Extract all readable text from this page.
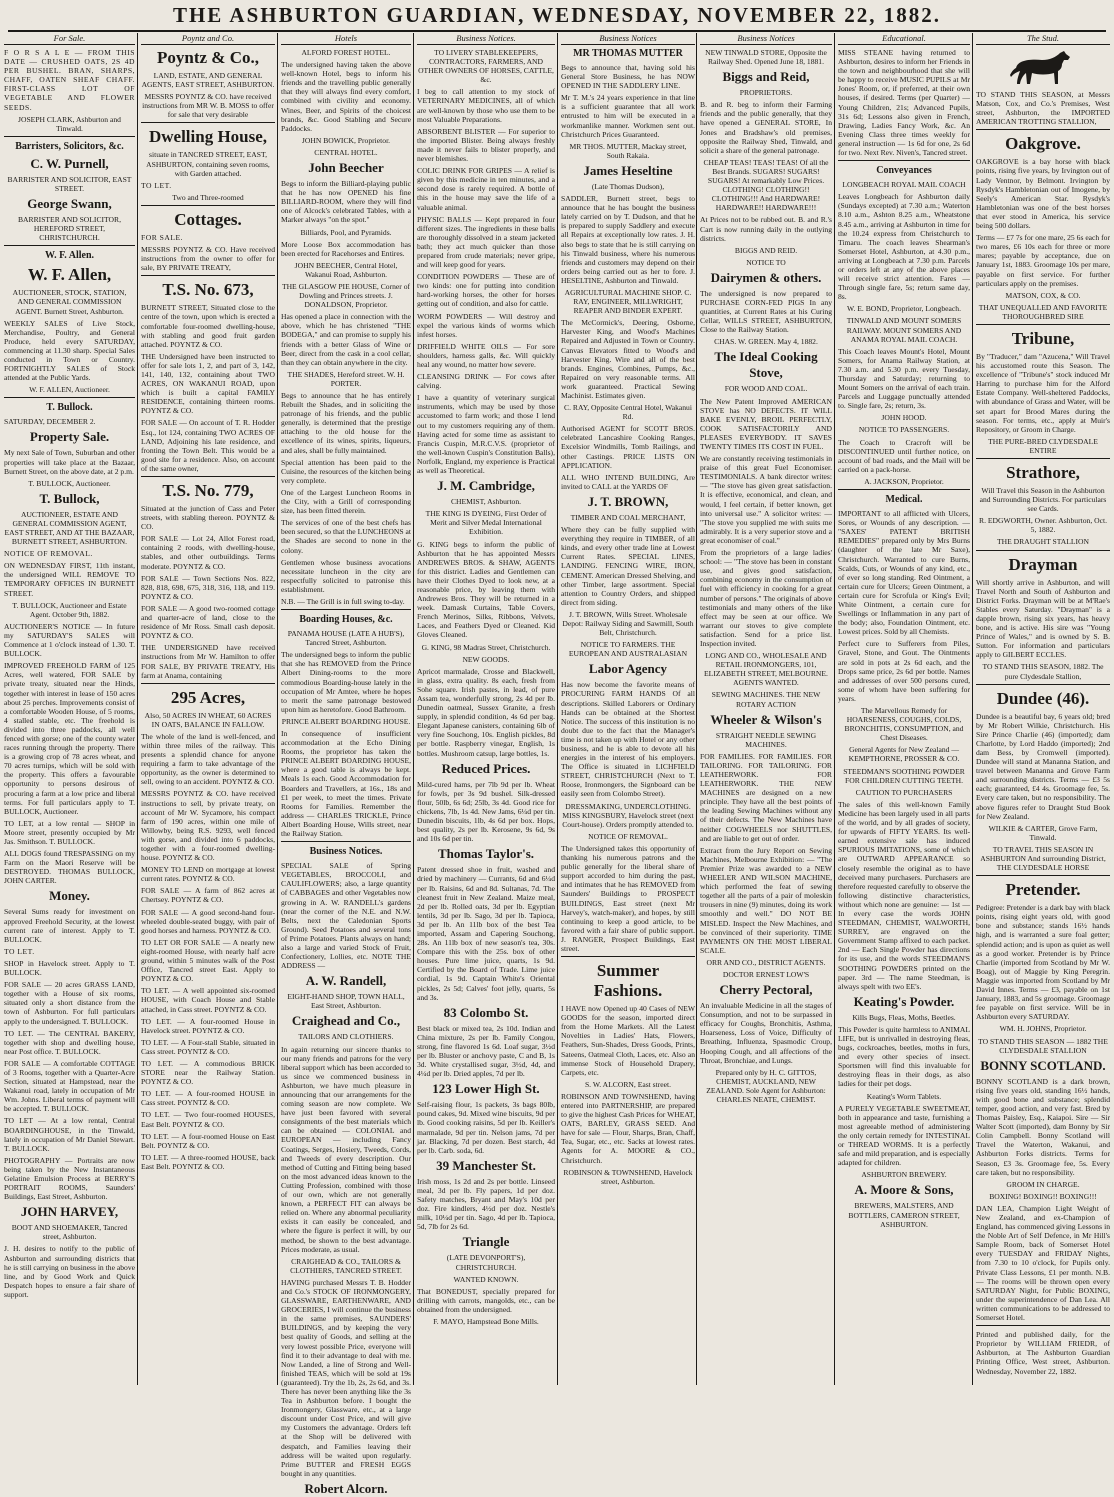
THE ASHBURTON GUARDIAN, WEDNESDAY, NOVEMBER 22, 1882.
For Sale.
F O R S A L E — FROM THIS DATE — CRUSHED OATS, 2S 4D PER BUSHEL. BRAN, SHARPS, CHAFF, OATEN SHEAF CHAFF. FIRST-CLASS LOT OF VEGETABLE AND FLOWER SEEDS.
JOSEPH CLARK, Ashburton and Tinwald.
Barristers, Solicitors, &c.
C. W. Purnell,
BARRISTER AND SOLICITOR, EAST STREET.
George Swann,
BARRISTER AND SOLICITOR, HEREFORD STREET, CHRISTCHURCH.
W. F. Allen.
W. F. Allen,
AUCTIONEER, STOCK, STATION, AND GENERAL COMMISSION AGENT. Burnett Street, Ashburton.
WEEKLY SALES of Live Stock, Merchandise, Poultry, and General Produce, held every SATURDAY, commencing at 11.30 sharp. Special Sales conducted in Town or Country. FORTNIGHTLY SALES of Stock attended at the Public Yards.
W. F. ALLEN, Auctioneer.
T. Bullock.
SATURDAY, DECEMBER 2.
Property Sale.
My next Sale of Town, Suburban and other properties will take place at the Bazaar, Burnett Street, on the above date, at 2 p.m.
T. BULLOCK, Auctioneer.
T. Bullock,
AUCTIONEER, ESTATE AND GENERAL COMMISSION AGENT, EAST STREET, AND AT THE BAZAAR, BURNETT STREET, ASHBURTON.
NOTICE OF REMOVAL.
ON WEDNESDAY FIRST, 11th instant, the undersigned WILL REMOVE TO TEMPORARY OFFICES IN BURNETT STREET.
T. BULLOCK, Auctioneer and Estate Agent. October 9th, 1882.
AUCTIONEER'S NOTICE — In future my SATURDAY'S SALES will Commence at 1 o'clock instead of 1.30. T. BULLOCK.
IMPROVED FREEHOLD FARM of 125 Acres, well watered, FOR SALE by private treaty, situated near the Hinds, together with interest in lease of 150 acres about 25 perches. Improvements consist of a comfortable Wooden House, of 5 rooms, 4 stalled stable, etc. The freehold is divided into three paddocks, all well fenced with gorse; one of the county water races running through the property. There is a growing crop of 78 acres wheat, and 70 acres turnips, which will be sold with the property. This offers a favourable opportunity to persons desirous of procuring a farm at a low price and liberal terms. For full particulars apply to T. BULLOCK, Auctioneer.
TO LET, at a low rental — SHOP in Moore street, presently occupied by Mr Jas. Smithson. T. BULLOCK.
ALL DOGS found TRESPASSING on my Farm on the Maori Reserve will be DESTROYED. THOMAS BULLOCK, JOHN CARTER.
Money.
Several Sums ready for investment on approved Freehold Security, at the lowest current rate of interest. Apply to T. BULLOCK.
TO LET.
SHOP in Havelock street. Apply to T. BULLOCK.
FOR SALE — 20 acres GRASS LAND, together with a House of six rooms, situated only a short distance from the town of Ashburton. For full particulars apply to the undersigned. T. BULLOCK.
TO LET. — The CENTRAL BAKERY, together with shop and dwelling house, near Post office. T. BULLOCK.
FOR SALE — A comfortable COTTAGE of 3 Rooms, together with a Quarter-Acre Section, situated at Hampstead, near the Wakanui road, lately in occupation of Mr Wm. Johns. Liberal terms of payment will be accepted. T. BULLOCK.
TO LET — At a low rental, Central BOARDINGHOUSE, in the Tinwald, lately in occupation of Mr Daniel Stewart. T. BULLOCK.
PHOTOGRAPHY — Portraits are now being taken by the New Instantaneous Gelatine Emulsion Process at BERRY'S PORTRAIT ROOMS, Saunders' Buildings, East Street, Ashburton.
JOHN HARVEY,
BOOT AND SHOEMAKER, Tancred street, Ashburton.
J. H. desires to notify to the public of Ashburton and surrounding districts that he is still carrying on business in the above line, and by Good Work and Quick Despatch hopes to ensure a fair share of support.
Poyntz and Co.
Poyntz & Co.,
LAND, ESTATE, AND GENERAL AGENTS, EAST STREET, ASHBURTON.
MESSRS POYNTZ & CO. have received instructions from MR W. B. MOSS to offer for sale that very desirable
Dwelling House,
situate in TANCRED STREET, EAST, ASHBURTON, containing seven rooms, with Garden attached.
TO LET.
Two and Three-roomed
Cottages.
FOR SALE.
MESSRS POYNTZ & CO. Have received instructions from the owner to offer for sale, BY PRIVATE TREATY,
T.S. No. 673,
BURNETT STREET, Situated close to the centre of the town, upon which is erected a comfortable four-roomed dwelling-house, with stabling and good fruit garden attached. POYNTZ & CO.
THE Undersigned have been instructed to offer for sale lots 1, 2, and part of 3, 142, 141, 140, 132, containing about TWO ACRES, ON WAKANUI ROAD, upon which is built a capital FAMILY RESIDENCE, containing thirteen rooms. POYNTZ & CO.
FOR SALE — On account of T. R. Hodder Esq., lot 124, containing TWO ACRES OF LAND, Adjoining his late residence, and fronting the Town Belt. This would be a good site for a residence. Also, on account of the same owner,
T.S. No. 779,
Situated at the junction of Cass and Peter streets, with stabling thereon. POYNTZ & CO.
FOR SALE — Lot 24, Allot Forest road, containing 2 roods, with dwelling-house, stables, and other outbuildings. Terms moderate. POYNTZ & CO.
FOR SALE — Town Sections Nos. 822, 828, 818, 698, 675, 318, 316, 118, and 119. POYNTZ & CO.
FOR SALE — A good two-roomed cottage and quarter-acre of land, close to the residence of Mr Ross. Small cash deposit. POYNTZ & CO.
THE UNDERSIGNED have received instructions from Mr W. Hamilton to offer FOR SALE, BY PRIVATE TREATY, His farm at Anama, containing
295 Acres,
Also, 50 ACRES IN WHEAT, 60 ACRES IN OATS, BALANCE IN FALLOW.
The whole of the land is well-fenced, and within three miles of the railway. This presents a splendid chance for anyone requiring a farm to take advantage of the opportunity, as the owner is determined to sell, owing to an accident. POYNTZ & CO.
MESSRS POYNTZ & CO. have received instructions to sell, by private treaty, on account of Mr W. Sycamore, his compact farm of 190 acres, within one mile of Willowby, being R.S. 9293, well fenced with gorse, and divided into 6 paddocks, together with a four-roomed dwelling-house. POYNTZ & CO.
MONEY TO LEND on mortgage at lowest current rates. POYNTZ & CO.
FOR SALE — A farm of 862 acres at Chertsey. POYNTZ & CO.
FOR SALE — A good second-hand four-wheeled double-seated buggy, with pair of good horses and harness. POYNTZ & CO.
TO LET OR FOR SALE — A nearly new eight-roomed House, with nearly half acre ground, within 5 minutes walk of the Post Office, Tancred street East. Apply to POYNTZ & CO.
TO LET. — A well appointed six-roomed HOUSE, with Coach House and Stable attached, in Cass street. POYNTZ & CO.
TO LET. — A four-roomed House in Havelock street. POYNTZ & CO.
TO LET. — A Four-stall Stable, situated in Cass street. POYNTZ & CO.
TO LET. — A commodious BRICK STORE near the Railway Station. POYNTZ & CO.
TO LET. — A four-roomed HOUSE in Cass street. POYNTZ & CO.
TO LET. — Two four-roomed HOUSES, East Belt. POYNTZ & CO.
TO LET. — A four-roomed House on East Belt. POYNTZ & CO.
TO LET. — A three-roomed HOUSE, back East Belt. POYNTZ & CO.
Hotels
ALFORD FOREST HOTEL.
The undersigned having taken the above well-known Hotel, begs to inform his friends and the travelling public generally that they will always find every comfort, combined with civility and economy. Wines, Beer, and Spirits of the choicest brands, &c. Good Stabling and Secure Paddocks.
JOHN BOWICK, Proprietor.
CENTRAL HOTEL.
John Beecher
Begs to inform the Billiard-playing public that he has now OPENED his fine BILLIARD-ROOM, where they will find one of Alcock's celebrated Tables, with a Marker always "on the spot."
Billiards, Pool, and Pyramids.
More Loose Box accommodation has been erected for Racehorses and Entires.
JOHN BEECHER, Central Hotel, Wakanui Road, Ashburton.
THE GLASGOW PIE HOUSE, Corner of Dowling and Princes streets. J. DONALDSON, Proprietor.
Has opened a place in connection with the above, which he has christened "THE BODEGA," and can promise to supply his friends with a better Glass of Wine or Beer, direct from the cask in a cool cellar, than they can obtain anywhere in the city.
THE SHADES, Hereford street. W. H. PORTER.
Begs to announce that he has entirely Rebuilt the Shades, and in soliciting the patronage of his friends, and the public generally, is determined that the prestige attaching to the old house for the excellence of its wines, spirits, liqueurs, and ales, shall be fully maintained.
Special attention has been paid to the Cuisine, the resources of the kitchen being very complete.
One of the Largest Luncheon Rooms in the City, with a Grill of corresponding size, has been fitted therein.
The services of one of the best chefs has been secured, so that the LUNCHEONS at the Shades are second to none in the colony.
Gentlemen whose business avocations necessitate luncheon in the city are respectfully solicited to patronise this establishment.
N.B. — The Grill is in full swing to-day.
Boarding Houses, &c.
PANAMA HOUSE (LATE A HUB'S), Tancred Street, Ashburton.
The undersigned begs to inform the public that she has REMOVED from the Prince Albert Dining-rooms to the more commodious Boarding-house lately in the occupation of Mr Amtee, where he hopes to merit the same patronage bestowed upon him as heretofore. Good Bathroom.
PRINCE ALBERT BOARDING HOUSE.
In consequence of insufficient accommodation at the Echo Dining Rooms, the proprietor has taken the PRINCE ALBERT BOARDING HOUSE, where a good table is always be kept. Meals 1s each. Good Accommodation for Boarders and Travellers, at 16s., 18s and £1 per week, to meet the times. Private Rooms for Families. Remember the address — CHARLES TRICKLE, Prince Albert Boarding House, Wills street, near the Railway Station.
Business Notices.
SPECIAL SALE of Spring VEGETABLES, BROCCOLI, and CAULIFLOWERS; also, a large quantity of CABBAGES and other Vegetables now growing in A. W. RANDELL's gardens (near the corner of the N.E. and N.W. Belts, next the Caledonian Sports Ground). Seed Potatoes and several tons of Prime Potatoes. Plants always on hand; also a large and varied Stock of Fruit, Confectionery, Lollies, etc. NOTE THE ADDRESS —
A. W. Randell,
EIGHT-HAND SHOP, TOWN HALL, East Street, Ashburton.
Craighead and Co.,
TAILORS AND CLOTHIERS.
In again returning our sincere thanks to our many friends and patrons for the very liberal support which has been accorded to us since we commenced business in Ashburton, we have much pleasure in announcing that our arrangements for the coming season are now complete. We have just been favored with several consignments of the best materials which can be obtained — COLONIAL and EUROPEAN — including Fancy Coatings, Serges, Hosiery, Tweeds, Cords, and Tweeds of every description. Our method of Cutting and Fitting being based on the most advanced ideas known to the Cutting Profession, combined with those of our own, which are not generally known, a PERFECT FIT can always be relied on. Where any abnormal peculiarity exists it can easily be concealed, and where the figure is perfect it will, by our method, be shown to the best advantage. Prices moderate, as usual.
CRAIGHEAD & CO., TAILORS & CLOTHIERS, TANCRED STREET.
HAVING purchased Messrs T. B. Hodder and Co.'s STOCK OF IRONMONGERY, GLASSWARE, EARTHENWARE, AND GROCERIES, I will continue the business in the same premises, SAUNDERS' BUILDINGS, and by keeping the very best quality of Goods, and selling at the very lowest possible Price, everyone will find it to their advantage to deal with me. Now Landed, a line of Strong and Well-finished TEAS, which will be sold at 19s (guaranteed). Try the 1b, 2s, 2s 6d, and 3s. There has never been anything like the 3s Tea in Ashburton before. I bought the Ironmongery, Glassware, etc., at a large discount under Cost Price, and will give my Customers the advantage. Orders left at the Shop will be delivered with despatch, and Families leaving their address will be waited upon regularly. Prime BUTTER and FRESH EGGS bought in any quantities.
Robert Alcorn.
Business Notices.
TO LIVERY STABLEKEEPERS, CONTRACTORS, FARMERS, AND OTHER OWNERS OF HORSES, CATTLE, &c.
I beg to call attention to my stock of VETERINARY MEDICINES, all of which are well-known by those who use them to be most Valuable Preparations.
ABSORBENT BLISTER — For superior to the imported Blister. Being always freshly made it never fails to blister properly, and never blemishes.
COLIC DRINK FOR GRIPES — A relief is given by this medicine in ten minutes, and a second dose is rarely required. A bottle of this in the house may save the life of a valuable animal.
PHYSIC BALLS — Kept prepared in four different sizes. The ingredients in these balls are thoroughly dissolved in a steam jacketed bath; they act much quicker than those prepared from crude materials; never gripe, and will keep good for years.
CONDITION POWDERS — These are of two kinds: one for putting into condition hard-working horses, the other for horses getting out of condition, and also for cattle.
WORM POWDERS — Will destroy and expel the various kinds of worms which infest horses.
DRIFFIELD WHITE OILS — For sore shoulders, harness galls, &c. Will quickly heal any wound, no matter how severe.
CLEANSING DRINK — For cows after calving.
I have a quantity of veterinary surgical instruments, which may be used by those accustomed to farm work; and those I lend out to my customers requiring any of them. Having acted for some time as assistant to Francis Cuspin, M.R.C.V.S. (proprietor of the well-known Cuspin's Constitution Balls), Norfolk, England, my experience is Practical as well as Theoretical.
J. M. Cambridge,
CHEMIST, Ashburton.
THE KING IS DYEING, First Order of Merit and Silver Medal International Exhibition.
G. KING begs to inform the public of Ashburton that he has appointed Messrs ANDREWES BROS. & SHAW, AGENTS for this district. Ladies and Gentlemen can have their Clothes Dyed to look new, at a reasonable price, by leaving them with Andrewes Bros. They will be returned in a week. Damask Curtains, Table Covers, French Merinos, Silks, Ribbons, Velvets, Laces, and Feathers Dyed or Cleaned. Kid Gloves Cleaned.
G. KING, 98 Madras Street, Christchurch.
NEW GOODS.
Apricot marmalade, Crosse and Blackwell, in glass, extra quality. 8s each, fresh from Sohe square. Irish pastes, in lead, of pure Assam tea, wonderfully strong, 2s 4d per lb. Dunedin oatmeal, Sussex Granite, a fresh supply, in splendid condition, 4s 6d per bag. Elegant Japanese canisters, containing 6lb of very fine Souchong, 10s. English pickles, 8d per bottle. Raspberry vinegar, English, 1s bottles. Mushroom catsup, large bottles, 1s.
Reduced Prices.
Mild-cured hams, per 7lb 9d per lb. Wheat for fowls, per 3s 9d bushel. Silk-dressed flour, 50lb, 6s 6d; 25lb, 3s 4d. Good rice for chickens, 7lb, 1s 4d. New Jams, 6¼d per tin. Dunedin biscuits, 1lb, 4s 6d per box. Hops, best quality, 2s per lb. Kerosene, 9s 6d, 9s and 10s 6d per tin.
Thomas Taylor's.
Patent dressed shoe in fruit, washed and dried by machinery — Currants, 6d and 6¼d per lb. Raisins, 6d and 8d. Sultanas, 7d. The cleanest fruit in New Zealand. Maize meal, 2d per lb. Rolled oats, 3d per lb. Egyptian lentils, 3d per lb. Sago, 3d per lb. Tapioca, 3d per lb. An 11lb box of the best Tea imported, Assam and Capering Souchong, 28s. An 11lb box of new season's tea, 30s. Compare this with the 25s. box of other houses. Pure lime juice, quarts, 1s 9d. Certified by the Board of Trade. Lime juice cordial, 1s 9d. Captain White's Oriental pickles, 2s 5d; Calves' foot jelly, quarts, 5s and 3s.
83 Colombo St.
Best black or mixed tea, 2s 10d. Indian and China mixture, 2s per lb. Family Congou, strong, fine flavored 1s 6d. Loaf sugar, 3½d per lb. Bluster or anchovy paste, C and B, 1s 3d. White crystallised sugar, 3½d, 4d, and 4¼d per lb. Dried apples, 7d per lb.
123 Lower High St.
Self-raising flour, 1s packets, 3s bags 80lb, pound cakes, 9d. Mixed wine biscuits, 9d per lb. Good cooking raisins, 5d per lb. Keiller's marmalade, 9d per tin. Nelson jams, 7d per jar. Blacking, 7d per dozen. Best starch, 4d per lb. Carb. soda, 6d.
39 Manchester St.
Irish moss, 1s 2d and 2s per bottle. Linseed meal, 3d per lb. Fly papers, 1d per doz. Safety matches, Bryant and May's 10d per doz. Fire kindlers, 4½d per doz. Nestle's milk, 10¼d per tin. Sago, 4d per lb. Tapioca, 5d, 7lb for 2s 6d.
Triangle
(LATE DEVONPORT'S), CHRISTCHURCH.
WANTED KNOWN.
That BONEDUST, specially prepared for drilling with carrots, mangolds, etc., can be obtained from the undersigned.
F. MAYO, Hampstead Bone Mills.
Business Notices
MR THOMAS MUTTER
Begs to announce that, having sold his General Store Business, he has NOW OPENED IN THE SADDLERY LINE.
Mr T. M.'s 24 years experience in that line is a sufficient guarantee that all work entrusted to him will be executed in a workmanlike manner. Workmen sent out. Christchurch Prices Guaranteed.
MR THOS. MUTTER, Mackay street, South Rakaia.
James Heseltine
(Late Thomas Dudson),
SADDLER, Burnett street, begs to announce that he has bought the business lately carried on by T. Dudson, and that he is prepared to supply Saddlery and execute all Repairs at exceptionally low rates. J. H. also begs to state that he is still carrying on his Tinwald business, where his numerous friends and customers may depend on their orders being carried out as her to fore. J. HESELTINE, Ashburton and Tinwald.
AGRICULTURAL MACHINE SHOP. C. RAY, ENGINEER, MILLWRIGHT, REAPER AND BINDER EXPERT.
The McCormick's, Deering, Osborne, Harvester King, and Wood's Machines Repaired and Adjusted in Town or Country. Canvas Elevators fitted to Wood's and Harvester King. Wire and all of the best brands. Engines, Combines, Pumps, &c., Repaired on very reasonable terms. All work guaranteed. Practical Sewing Machinist. Estimates given.
C. RAY, Opposite Central Hotel, Wakanui Rd.
Authorised AGENT for SCOTT BROS. celebrated Lancashire Cooking Ranges, Excelsior Windmills, Tomb Railings, and other Castings. PRICE LISTS ON APPLICATION.
ALL WHO INTEND BUILDING, Are invited to CALL at the YARDS OF
J. T. BROWN,
TIMBER AND COAL MERCHANT,
Where they can be fully supplied with everything they require in TIMBER, of all kinds, and every other trade line at Lowest Current Rates. SPECIAL LINES, LANDING. FENCING WIRE, IRON, CEMENT. American Dressed Shelving, and other Timber, large assortment. Special attention to Country Orders, and shipped direct from siding.
J. T. BROWN, Wills Street. Wholesale Depot: Railway Siding and Sawmill, South Belt, Christchurch.
NOTICE TO FARMERS. THE EUROPEAN AND AUSTRALASIAN
Labor Agency
Has now become the favorite means of PROCURING FARM HANDS Of all descriptions. Skilled Laborers or Ordinary Hands can be obtained at the Shortest Notice. The success of this institution is no doubt due to the fact that the Manager's time is not taken up with Hotel or any other business, and he is able to devote all his energies in the interest of his employers. The Office is situated in LICHFIELD STREET, CHRISTCHURCH (Next to T. Roose, Ironmongers, the Signboard can be easily seen from Colombo Street).
DRESSMAKING, UNDERCLOTHING. MISS KINGSBURY, Havelock street (next Court-house). Orders promptly attended to.
NOTICE OF REMOVAL.
The Undersigned takes this opportunity of thanking his numerous patrons and the public generally for the liberal share of support accorded to him during the past, and intimates that he has REMOVED from Saunders' Buildings to PROSPECT BUILDINGS, East street (next Mr Harvey's, watch-maker), and hopes, by still continuing to keep a good article, to be favored with a fair share of public support. J. RANGER, Prospect Buildings, East street.
Summer Fashions.
I HAVE now Opened up 40 Cases of NEW GOODS for the season, imported direct from the Home Markets. All the Latest Novelties in Ladies' Hats, Flowers, Feathers, Sun-Shades, Dress Goods, Prints, Sateens, Oatmeal Cloth, Laces, etc. Also an immense Stock of Household Drapery, Carpets, etc.
S. W. ALCORN, East street.
ROBINSON AND TOWNSHEND, having entered into PARTNERSHIP, are prepared to give the highest Cash Prices for WHEAT, OATS, BARLEY, GRASS SEED. And have for sale — Flour, Sharps, Bran, Chaff, Tea, Sugar, etc., etc. Sacks at lowest rates. Agents for A. MOORE & CO., Christchurch.
ROBINSON & TOWNSHEND, Havelock street, Ashburton.
Business Notices
NEW TINWALD STORE, Opposite the Railway Shed. Opened June 18, 1881.
Biggs and Reid,
PROPRIETORS.
B. and R. beg to inform their Farming friends and the public generally, that they have opened a GENERAL STORE, In Jones and Bradshaw's old premises, opposite the Railway Shed, Tinwald, and solicit a share of the general patronage.
CHEAP TEAS! TEAS! TEAS! Of all the Best Brands. SUGARS! SUGARS! SUGARS! At remarkably Low Prices. CLOTHING! CLOTHING!! CLOTHING!!! And HARDWARE! HARDWARE!! HARDWARE!!!
At Prices not to be rubbed out. B. and R.'s Cart is now running daily in the outlying districts.
BIGGS AND REID.
NOTICE TO
Dairymen & others.
The undersigned is now prepared to PURCHASE CORN-FED PIGS In any quantities, at Current Rates at his Curing Cellar, WILLS STREET, ASHBURTON, Close to the Railway Station.
CHAS. W. GREEN. May 4, 1882.
The Ideal Cooking Stove,
FOR WOOD AND COAL.
The New Patent Improved AMERICAN STOVE has NO DEFECTS. IT WILL BAKE EVENLY, BROIL PERFECTLY, COOK SATISFACTORILY AND PLEASES EVERYBODY. IT SAVES TWENTY TIMES ITS COST IN FUEL.
We are constantly receiving testimonials in praise of this great Fuel Economiser. TESTIMONIALS. A bank director writes: — "The stove has given great satisfaction. It is effective, economical, and clean, and would, I feel certain, if better known, get into universal use." A solicitor writes: — "The stove you supplied me with suits me admirably. It is a very superior stove and a great economiser of coal."
From the proprietors of a large ladies' school: — "The stove has been in constant use, and gives good satisfaction, combining economy in the consumption of fuel with efficiency in cooking for a great number of persons." The originals of above testimonials and many others of the like effect may be seen at our office. We warrant our stoves to give complete satisfaction. Send for a price list. Inspection invited.
LONG AND CO., WHOLESALE AND RETAIL IRONMONGERS, 101, ELIZABETH STREET, MELBOURNE. AGENTS WANTED.
SEWING MACHINES. THE NEW ROTARY ACTION
Wheeler & Wilson's
STRAIGHT NEEDLE SEWING MACHINES.
FOR FAMILIES. FOR FAMILIES. FOR TAILORING. FOR TAILORING. FOR LEATHERWORK. FOR LEATHERWORK. THE NEW MACHINES are designed on a new principle. They have all the best points of the leading Sewing Machines without any of their defects. The New Machines have neither COGWHEELS nor SHUTTLES, and are liable to get out of order.
Extract from the Jury Report on Sewing Machines, Melbourne Exhibition: — "The Premier Prize was awarded to a NEW WHEELER AND WILSON MACHINE, which performed the feat of sewing together all the parts of a pair of moleskin trousers in nine (9) minutes, doing its work smoothly and well." DO NOT BE MISLED. Inspect the New Machines, and be convinced of their superiority. TIME PAYMENTS ON THE MOST LIBERAL SCALE.
ORR AND CO., DISTRICT AGENTS.
DOCTOR ERNEST LOW'S
Cherry Pectoral,
An invaluable Medicine in all the stages of Consumption, and not to be surpassed in efficacy for Coughs, Bronchitis, Asthma, Hoarseness, Loss of Voice, Difficulty of Breathing, Influenza, Spasmodic Croup, Hooping Cough, and all affections of the Throat, Bronchiae, and Lungs.
Prepared only by H. C. GITTOS, CHEMIST, AUCKLAND, NEW ZEALAND. Sole Agent for Ashburton: CHARLES NEATE, CHEMIST.
Educational.
MISS STEANE having returned to Ashburton, desires to inform her Friends in the town and neighbourhood that she will be happy to receive MUSIC PUPILS at Mr Jones' Room, or, if preferred, at their own houses, if desired. Terms (per Quarter) — Young Children, 21s; Advanced Pupils, 31s 6d; Lessons also given in French, Drawing, Ladies Fancy Work, &c. An Evening Class three times weekly for general instruction — 1s 6d for one, 2s 6d for two. Next Rev. Niven's, Tancred street.
Conveyances
LONGBEACH ROYAL MAIL COACH
Leaves Longbeach for Ashburton daily (Sundays excepted) at 7.30 a.m.; Waterton 8.10 a.m., Ashton 8.25 a.m., Wheatstone 8.45 a.m., arriving at Ashburton in time for the 10.24 express from Christchurch to Timaru. The coach leaves Shearman's Somerset Hotel, Ashburton, at 4.30 p.m., arriving at Longbeach at 7.30 p.m. Parcels or orders left at any of the above places will receive strict attention. Fares — Through single fare, 5s; return same day, 8s.
W. E. BOND, Proprietor, Longbeach.
TINWALD AND MOUNT SOMERS RAILWAY. MOUNT SOMERS AND ANAMA ROYAL MAIL COACH.
This Coach leaves Mount's Hotel, Mount Somers, for Anama Railway Station, at 7.30 a.m. and 5.30 p.m. every Tuesday, Thursday and Saturday; returning to Mount Somers on the arrival of each train. Parcels and Luggage punctually attended to. Single fare, 2s; return, 3s.
JOHN HOOD.
NOTICE TO PASSENGERS.
The Coach to Cracroft will be DISCONTINUED until further notice, on account of bad roads, and the Mail will be carried on a pack-horse.
A. JACKSON, Proprietor.
Medical.
IMPORTANT to all afflicted with Ulcers, Sores, or Wounds of any description. — "SAXES' PATENT BRITISH REMEDIES" prepared only by Mrs Burns (daughter of the late Mr Saxe), Christchurch. Warranted to cure Burns, Scalds, Cuts, or Wounds of any kind, etc., of ever so long standing. Red Ointment, a certain cure for Ulcers; Green Ointment, a certain cure for Scrofula or King's Evil; White Ointment, a certain cure for Swellings or Inflammation in any part of the body; also, Foundation Ointment, etc. Lowest prices. Sold by all Chemists.
Perfect cure to Sufferers from Piles, Gravel, Stone, and Gout. The Ointments are sold in pots at 2s 6d each, and the Drops same price, 2s 6d per bottle. Names and addresses of over 500 persons cured, some of whom have been suffering for years.
The Marvellous Remedy for HOARSENESS, COUGHS, COLDS, BRONCHITIS, CONSUMPTION, and Chest Diseases.
General Agents for New Zealand — KEMPTHORNE, PROSSER & CO.
STEEDMAN'S SOOTHING POWDER FOR CHILDREN CUTTING TEETH.
CAUTION TO PURCHASERS
The sales of this well-known Family Medicine has been largely used in all parts of the world, and by all grades of society, for upwards of FIFTY YEARS. Its well-earned extensive sale has induced SPURIOUS IMITATIONS, some of which are OUTWARD APPEARANCE so closely resemble the original as to have deceived many purchasers. Purchasers are therefore requested carefully to observe the following distinctive characteristics, without which none are genuine: — 1st — In every case the words JOHN STEEDMAN, CHEMIST, WALWORTH, SURREY, are engraved on the Government Stamp affixed to each packet. 2nd — Each Single Powder has directions for its use, and the words STEEDMAN'S SOOTHING POWDERS printed on the paper. 3rd — The name Steedman, is always spelt with two EE's.
Keating's Powder.
Kills Bugs, Fleas, Moths, Beetles.
This Powder is quite harmless to ANIMAL LIFE, but is unrivalled in destroying fleas, bugs, cockroaches, beetles, moths in furs, and every other species of insect. Sportsmen will find this invaluable for destroying fleas in their dogs, as also ladies for their pet dogs.
Keating's Worm Tablets.
A PURELY VEGETABLE SWEETMEAT, both in appearance and taste, furnishing a most agreeable method of administering the only certain remedy for INTESTINAL or THREAD WORMS. It is a perfectly safe and mild preparation, and is especially adapted for children.
ASHBURTON BREWERY.
A. Moore & Sons,
BREWERS, MALSTERS, AND BOTTLERS, CAMERON STREET, ASHBURTON.
The Stud.
TO STAND THIS SEASON, at Messrs Matson, Cox, and Co.'s Premises, West street, Ashburton, the IMPORTED AMERICAN TROTTING STALLION,
Oakgrove.
OAKGROVE is a bay horse with black points, rising five years, by Irvington out of Lady Ventnor, by Belmont. Irvington by Rysdyk's Hambletonian out of Imogene, by Seely's American Star. Rysdyk's Hambletonian was one of the best horses that ever stood in America, his service being 500 dollars.
Terms — £7 7s for one mare, 25 6s each for two mares, £6 10s each for three or more mares; payable by acceptance, due on January 1st, 1883. Groomage 10s per mare, payable on first service. For further particulars apply on the premises.
MATSON, COX, & CO.
THAT UNEQUALLED AND FAVORITE THOROUGHBRED SIRE
Tribune,
By "Traducer," dam "Azucena," Will Travel his accustomed route this Season. The excellence of "Tribune's" stock induced Mr Harring to purchase him for the Alford Estate Company. Well-sheltered Paddocks, with abundance of Grass and Water, will be set apart for Brood Mares during the season. For terms, etc., apply at Muir's Repository, or Groom in Charge.
THE PURE-BRED CLYDESDALE ENTIRE
Strathore,
Will Travel this Season in the Ashburton and Surrounding Districts. For particulars see Cards.
R. EDGWORTH, Owner. Ashburton, Oct. 5, 1882.
THE DRAUGHT STALLION
Drayman
Will shortly arrive in Ashburton, and will Travel North and South of Ashburton and District Forks. Drayman will be at M'Rae's Stables every Saturday. "Drayman" is a dapple brown, rising six years, has heavy bone, and is active. His sire was "Young Prince of Wales," and is owned by S. B. Sutton. For information and particulars apply to GILBERT ECCLES.
TO STAND THIS SEASON, 1882. The pure Clydesdale Stallion,
Dundee (46).
Dundee is a beautiful bay, 6 years old; bred by Mr Robert Wilkie, Christchurch. His Sire Prince Charlie (46) (imported); dam Charlotte, by Lord Haddo (imported); 2nd dam Bess, by Cromwell (imported). Dundee will stand at Mananna Station, and travel between Mananna and Grove Farm and surrounding districts. Terms — £3 5s each; guaranteed, £4 4s. Groomage fee, 5s. Every care taken, but no responsibility. The above figures refer to Draught Stud Book for New Zealand.
WILKIE & CARTER, Grove Farm, Tinwald.
TO TRAVEL THIS SEASON IN ASHBURTON And surrounding District, THE CLYDESDALE HORSE
Pretender.
Pedigree: Pretender is a dark bay with black points, rising eight years old, with good bone and substance; stands 16½ hands high, and is warranted a sure foal getter; splendid action; and is upon as quiet as well as a good worker. Pretender is by Prince Charlie (imported from Scotland by Mr W. Boag), out of Maggie by King Peregrin. Maggie was imported from Scotland by Mr David Innes. Terms — £3, payable on 1st January, 1883, and 5s groomage. Groomage fee payable on first service. Will be in Ashburton every SATURDAY.
WM. H. JOHNS, Proprietor.
TO STAND THIS SEASON — 1882 THE CLYDESDALE STALLION
BONNY SCOTLAND.
BONNY SCOTLAND is a dark brown, rising five years old, standing 16½ hands, with good bone and substance; splendid temper, good action, and very fast. Bred by Thomas Paisley, Esq., Kaiapoi. Sire — Sir Walter Scott (imported), dam Bonny by Sir Colin Campbell. Bonny Scotland will Travel the Waterton, Wakanui, and Ashburton Forks districts. Terms for Season, £3 3s. Groomage fee, 5s. Every care taken, but no responsibility.
GROOM IN CHARGE.
BOXING! BOXING!! BOXING!!!
DAN LEA, Champion Light Weight of New Zealand, and ex-Champion of England, has commenced giving Lessons in the Noble Art of Self Defence, in Mr Hill's Sample Room, back of Somerset Hotel every TUESDAY and FRIDAY Nights, from 7.30 to 10 o'clock, for Pupils only. Private Class Lessons, £1 per month. N.B. — The rooms will be thrown open every SATURDAY Night, for Public BOXING, under the superintendence of Dan Lea. All written communications to be addressed to Somerset Hotel.
Printed and published daily, for the Proprietor by WILLIAM FRIEDR, of Ashburton, at The Ashburton Guardian Printing Office, West street, Ashburton. Wednesday, November 22, 1882.
